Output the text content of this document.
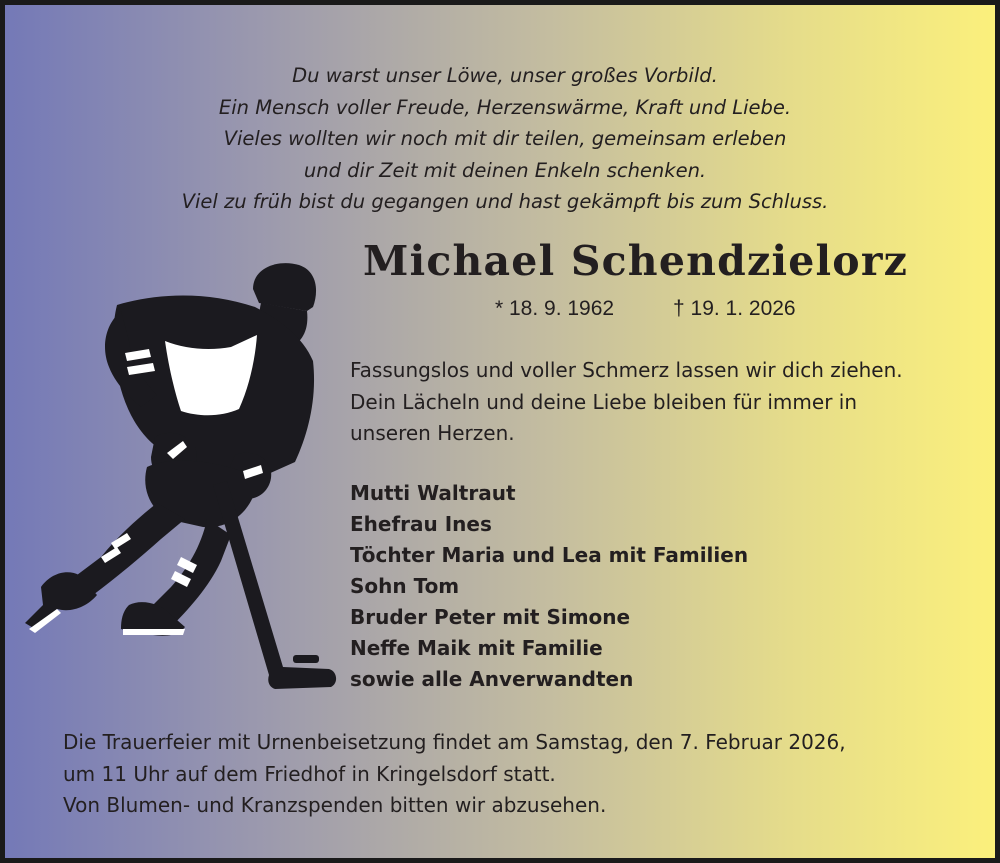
Du warst unser Löwe, unser großes Vorbild.
Ein Mensch voller Freude, Herzenswärme, Kraft und Liebe.
Vieles wollten wir noch mit dir teilen, gemeinsam erleben
und dir Zeit mit deinen Enkeln schenken.
Viel zu früh bist du gegangen und hast gekämpft bis zum Schluss.
Michael Schendzielorz
* 18. 9. 1962	† 19. 1. 2026
Fassungslos und voller Schmerz lassen wir dich ziehen.
Dein Lächeln und deine Liebe bleiben für immer in
unseren Herzen.
Mutti Waltraut
Ehefrau Ines
Töchter Maria und Lea mit Familien
Sohn Tom
Bruder Peter mit Simone
Neffe Maik mit Familie
sowie alle Anverwandten
Die Trauerfeier mit Urnenbeisetzung findet am Samstag, den 7. Februar 2026,
um 11 Uhr auf dem Friedhof in Kringelsdorf statt.
Von Blumen- und Kranzspenden bitten wir abzusehen.
